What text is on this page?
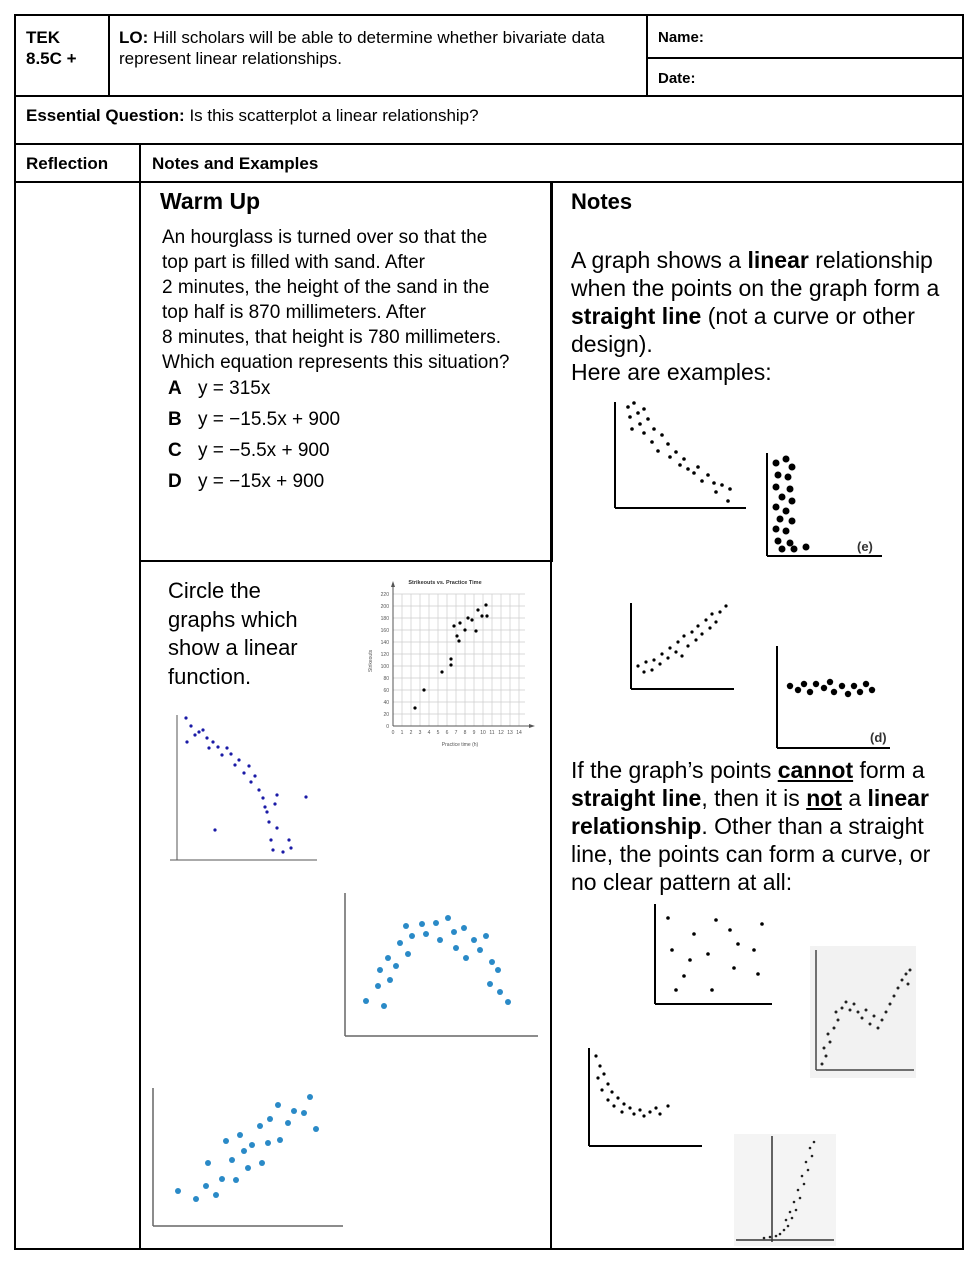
TEK
8.5C +
LO: Hill scholars will be able to determine whether bivariate data represent linear relationships.
Name:
Date:
Essential Question: Is this scatterplot a linear relationship?
Reflection	Notes and Examples
Warm Up
An hourglass is turned over so that the
top part is filled with sand. After
2 minutes, the height of the sand in the
top half is 870 millimeters. After
8 minutes, that height is 780 millimeters.
Which equation represents this situation?
A y = 315x
B y = −15.5x + 900
C y = −5.5x + 900
D y = −15x + 900
Circle the
graphs which
show a linear
function.
Strikeouts vs. Practice Time
0
20
40
60
80
100
120
140
160
180
200
220
0 1 2 3 4 5 6 7 8 9 10 11 12 13 14
Practice time (h)
Strikeouts
Notes
A graph shows a linear relationship when the points on the graph form a straight line (not a curve or other design).
Here are examples:
(e)
(d)
If the graph’s points cannot form a straight line, then it is not a linear relationship. Other than a straight line, the points can form a curve, or no clear pattern at all:
